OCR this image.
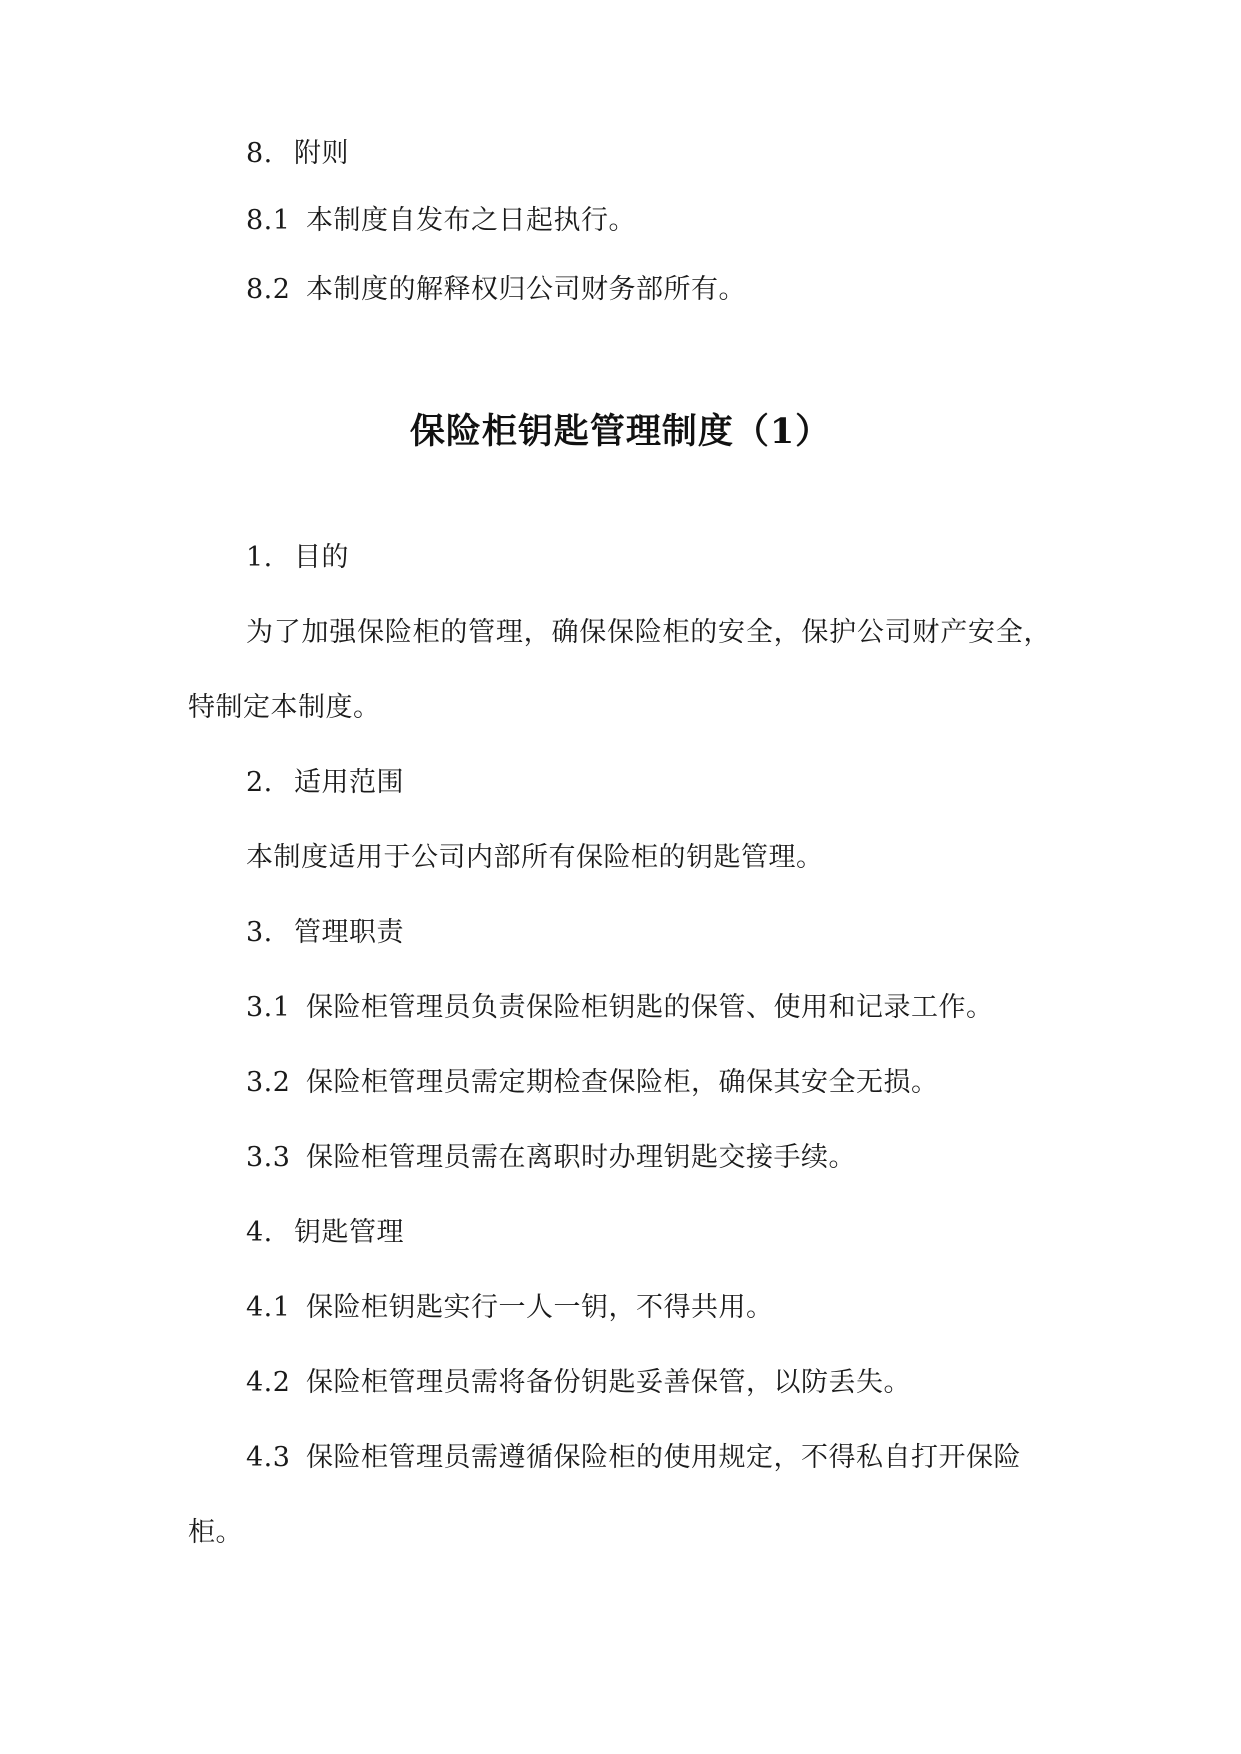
8. 附则
8.1 本制度自发布之日起执行。
8.2 本制度的解释权归公司财务部所有。
保险柜钥匙管理制度（1）
1. 目的
为了加强保险柜的管理，确保保险柜的安全，保护公司财产安全，
特制定本制度。
2. 适用范围
本制度适用于公司内部所有保险柜的钥匙管理。
3. 管理职责
3.1 保险柜管理员负责保险柜钥匙的保管、使用和记录工作。
3.2 保险柜管理员需定期检查保险柜，确保其安全无损。
3.3 保险柜管理员需在离职时办理钥匙交接手续。
4. 钥匙管理
4.1 保险柜钥匙实行一人一钥，不得共用。
4.2 保险柜管理员需将备份钥匙妥善保管，以防丢失。
4.3 保险柜管理员需遵循保险柜的使用规定，不得私自打开保险
柜。
